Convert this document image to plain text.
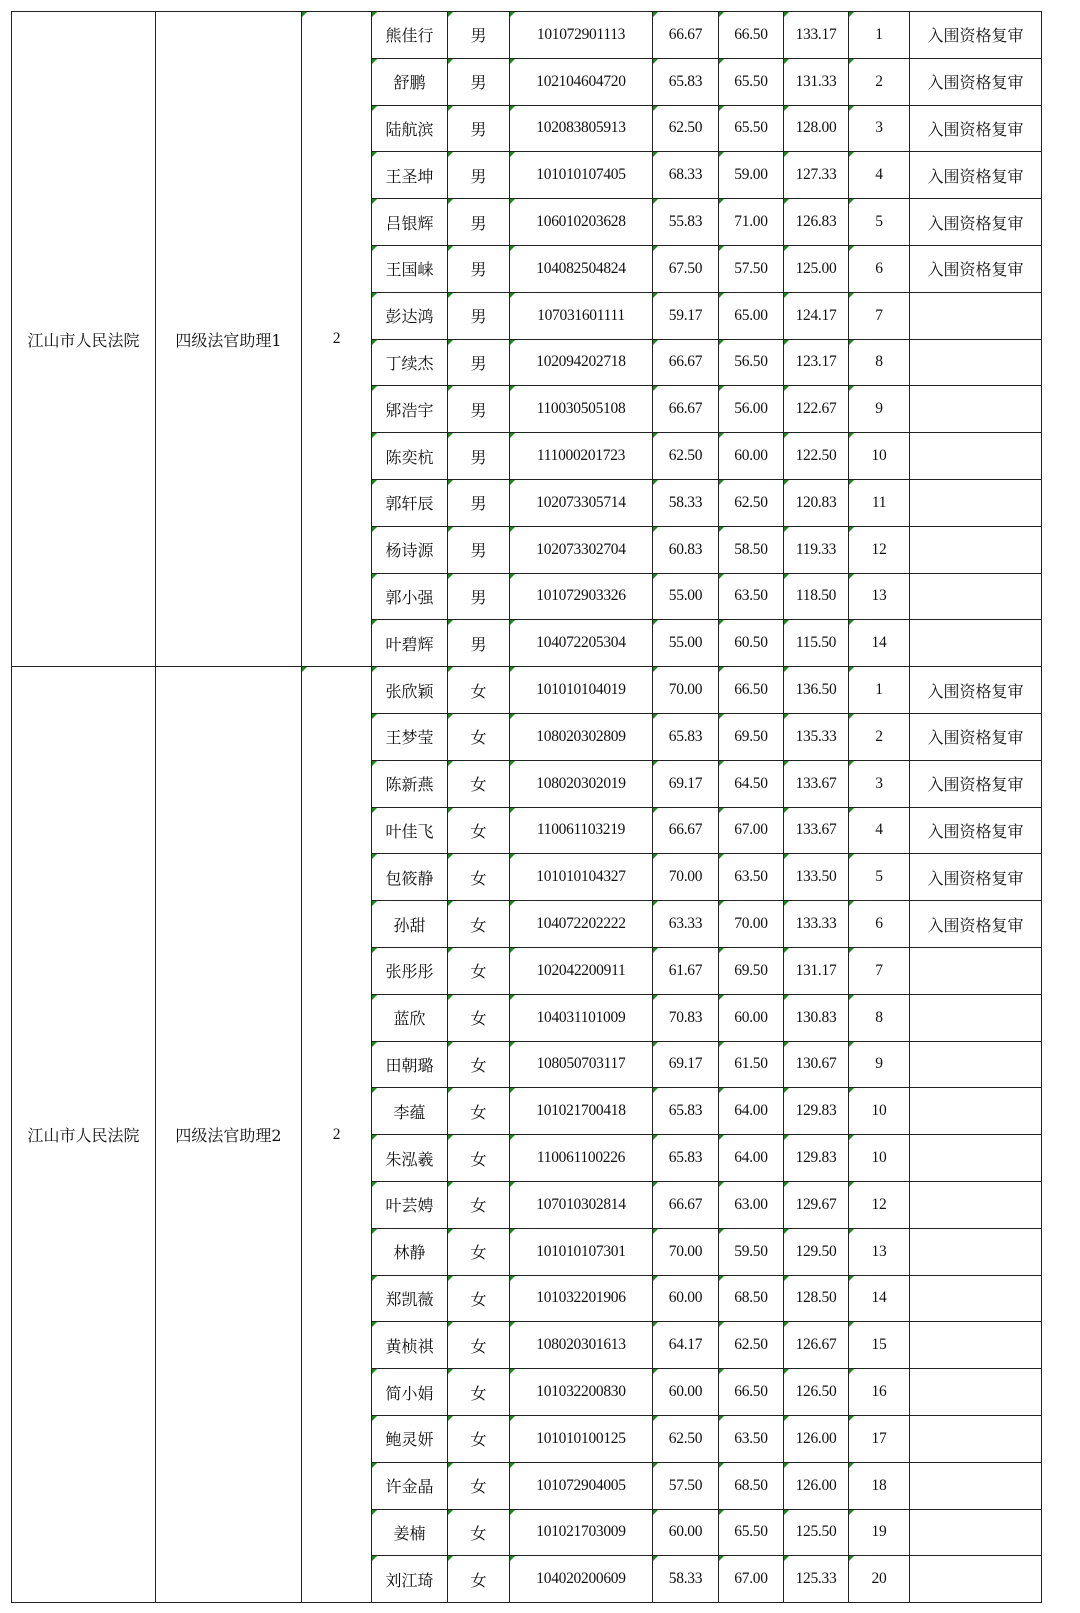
江山市人民法院	四级法官助理1	2	熊佳行	男	101072901113	66.67	66.50	133.17	1	入围资格复审
			舒鹏	男	102104604720	65.83	65.50	131.33	2	入围资格复审
			陆航滨	男	102083805913	62.50	65.50	128.00	3	入围资格复审
			王圣坤	男	101010107405	68.33	59.00	127.33	4	入围资格复审
			吕银辉	男	106010203628	55.83	71.00	126.83	5	入围资格复审
			王国崃	男	104082504824	67.50	57.50	125.00	6	入围资格复审
			彭达鸿	男	107031601111	59.17	65.00	124.17	7	
			丁续杰	男	102094202718	66.67	56.50	123.17	8	
			郳浩宇	男	110030505108	66.67	56.00	122.67	9	
			陈奕杭	男	111000201723	62.50	60.00	122.50	10	
			郭轩辰	男	102073305714	58.33	62.50	120.83	11	
			杨诗源	男	102073302704	60.83	58.50	119.33	12	
			郭小强	男	101072903326	55.00	63.50	118.50	13	
			叶碧辉	男	104072205304	55.00	60.50	115.50	14	
江山市人民法院	四级法官助理2	2	张欣颖	女	101010104019	70.00	66.50	136.50	1	入围资格复审
			王梦莹	女	108020302809	65.83	69.50	135.33	2	入围资格复审
			陈新燕	女	108020302019	69.17	64.50	133.67	3	入围资格复审
			叶佳飞	女	110061103219	66.67	67.00	133.67	4	入围资格复审
			包筱静	女	101010104327	70.00	63.50	133.50	5	入围资格复审
			孙甜	女	104072202222	63.33	70.00	133.33	6	入围资格复审
			张彤彤	女	102042200911	61.67	69.50	131.17	7	
			蓝欣	女	104031101009	70.83	60.00	130.83	8	
			田朝璐	女	108050703117	69.17	61.50	130.67	9	
			李蕴	女	101021700418	65.83	64.00	129.83	10	
			朱泓羲	女	110061100226	65.83	64.00	129.83	10	
			叶芸娉	女	107010302814	66.67	63.00	129.67	12	
			林静	女	101010107301	70.00	59.50	129.50	13	
			郑凯薇	女	101032201906	60.00	68.50	128.50	14	
			黄桢祺	女	108020301613	64.17	62.50	126.67	15	
			简小娟	女	101032200830	60.00	66.50	126.50	16	
			鲍灵妍	女	101010100125	62.50	63.50	126.00	17	
			许金晶	女	101072904005	57.50	68.50	126.00	18	
			姜楠	女	101021703009	60.00	65.50	125.50	19	
			刘江琦	女	104020200609	58.33	67.00	125.33	20	
